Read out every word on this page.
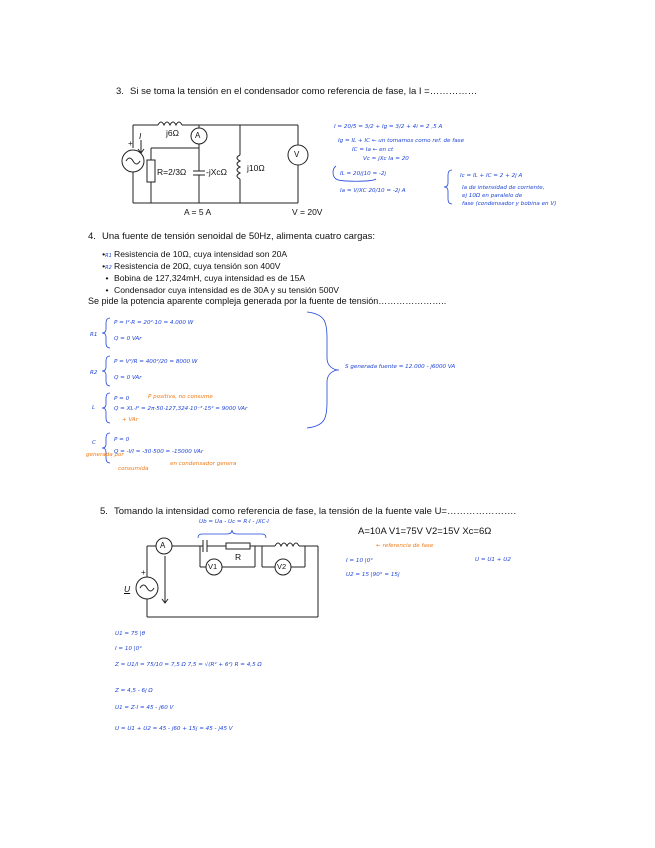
3. Si se toma la tensión en el condensador como referencia de fase, la I =……………
+
j6Ω A
I
R=2/3Ω -jXcΩ j10Ω
V
A = 5 A	V = 20V
I = 20/5 = 3/2 + Ig = 3/2 + 4i = 2 ,5 A
Ig = IL + IC ← un tomamos como ref. de fase
IC = Ia ← en ct
Vc = jXc Ia = 20
IL = 20/j10 = -2j	Ic = IL + IC = 2 + 2j A
Ia = V/XC 20/10 = -2j A	Ia de intensidad de corriente,
ej 10Ω en paralelo de
fase (condensador y bobina en V)
4. Una fuente de tensión senoidal de 50Hz, alimenta cuatro cargas:
•R1 Resistencia de 10Ω, cuya intensidad son 20A
•R2 Resistencia de 20Ω, cuya tensión son 400V
• Bobina de 127,324mH, cuya intensidad es de 15A
• Condensador cuya intensidad es de 30A y su tensión 500V
Se pide la potencia aparente compleja generada por la fuente de tensión…………………..
R1
P = I²·R = 20²·10 = 4.000 W
Q = 0 VAr
R2
P = V²/R = 400²/20 = 8000 W
Q = 0 VAr
L
P = 0	P positiva, no consume
Q = XL·I² = 2π·50·127,324·10⁻³·15² = 9000 VAr
+ VAr
C
generada por
P = 0
Q = -VI = -30·500 = -15000 VAr
en condensador genera
consumida
S generada fuente = 12.000 - j6000 VA
5. Tomando la intensidad como referencia de fase, la tensión de la fuente vale U=………………….
A=10A V1=75V V2=15V Xc=6Ω
+
A
R
V1	V2
U
Ub = Ua - Uc = R·I - jXC·I
← referencia de fase
I = 10 |0°
U2 = 15 |90° = 15j
U = U1 + U2
U1 = 75 |θ
I = 10 |0°
Z = U1/I = 75/10 = 7,5 Ω 7,5 = √(R² + 6²) R = 4,5 Ω
Z = 4,5 - 6j Ω
U1 = Z·I = 45 - j60 V
U = U1 + U2 = 45 - j60 + 15j = 45 - j45 V
